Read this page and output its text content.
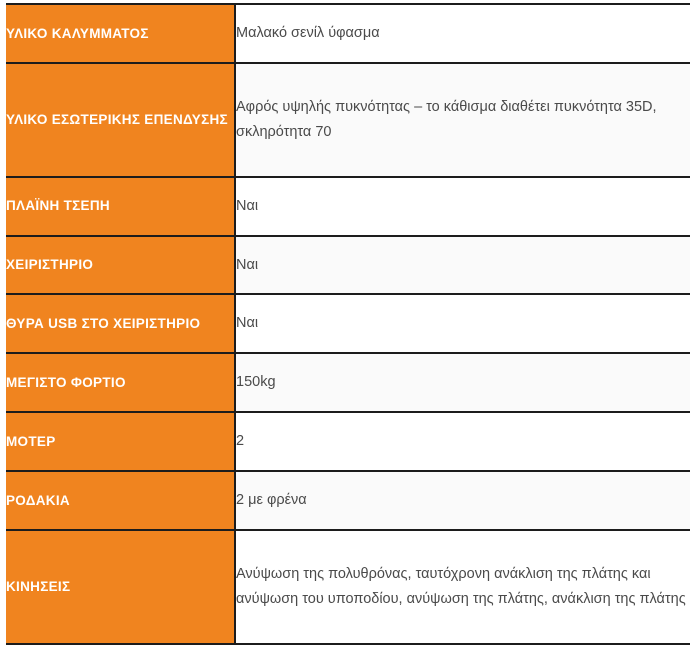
ΥΛΙΚΟ ΚΑΛΥΜΜΑΤΟΣ	Μαλακό σενίλ ύφασμα
ΥΛΙΚΟ ΕΣΩΤΕΡΙΚΗΣ ΕΠΕΝΔΥΣΗΣ	Αφρός υψηλής πυκνότητας – το κάθισμα διαθέτει πυκνότητα 35D, σκληρότητα 70
ΠΛΑΪΝΗ ΤΣΕΠΗ	Ναι
ΧΕΙΡΙΣΤΗΡΙΟ	Ναι
ΘΥΡΑ USB ΣΤΟ ΧΕΙΡΙΣΤΗΡΙΟ	Ναι
ΜΕΓΙΣΤΟ ΦΟΡΤΙΟ	150kg
ΜΟΤΕΡ	2
ΡΟΔΑΚΙΑ	2 με φρένα
ΚΙΝΗΣΕΙΣ	Ανύψωση της πολυθρόνας, ταυτόχρονη ανάκλιση της πλάτης και ανύψωση του υποποδίου, ανύψωση της πλάτης, ανάκλιση της πλάτης
